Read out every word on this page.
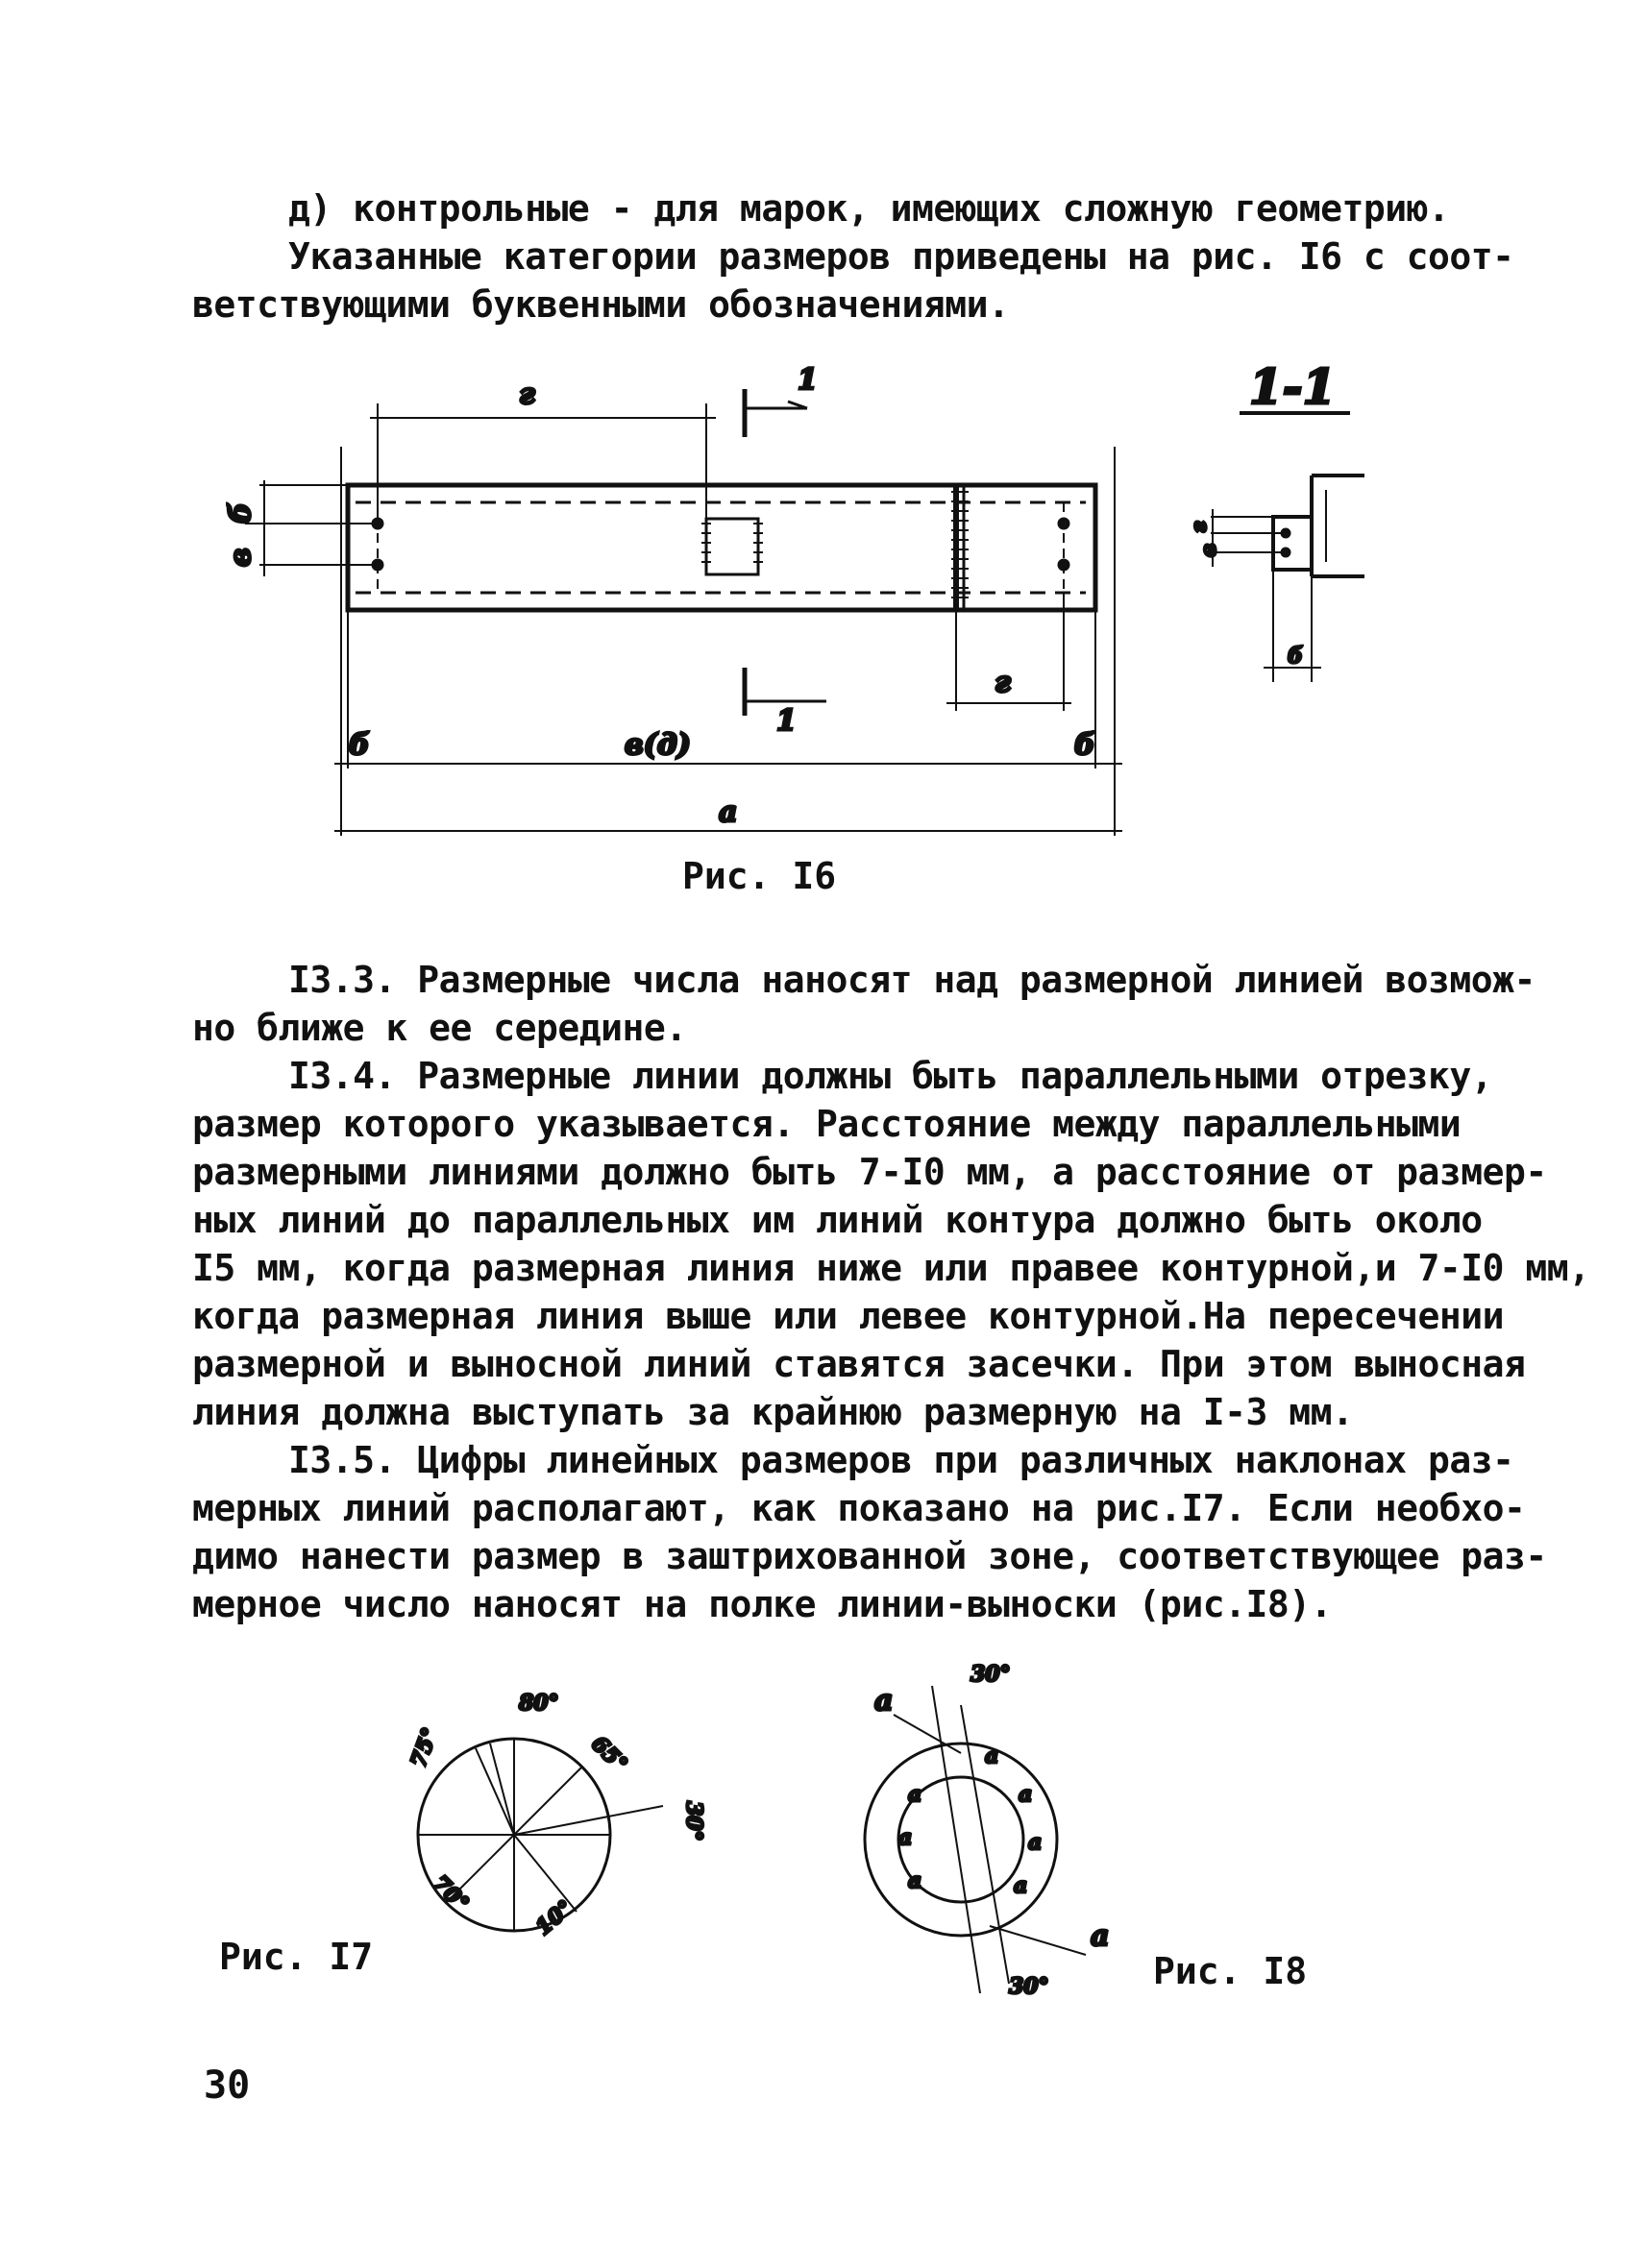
д) контрольные - для марок, имеющих сложную геометрию.
Указанные категории размеров приведены на рис. I6 с соот-
ветствующими буквенными обозначениями.
г
г
в
б
б	б
в(д)
а
1
1
1-1
в
г
б
Рис. I6
I3.3. Размерные числа наносят над размерной линией возмож-
но ближе к ее середине.
I3.4. Размерные линии должны быть параллельными отрезку,
размер которого указывается. Расстояние между параллельными
размерными линиями должно быть 7-I0 мм, а расстояние от размер-
ных линий до параллельных им линий контура должно быть около
I5 мм, когда размерная линия ниже или правее контурной,и 7-I0 мм,
когда размерная линия выше или левее контурной.На пересечении
размерной и выносной линий ставятся засечки. При этом выносная
линия должна выступать за крайнюю размерную на I-3 мм.
I3.5. Цифры линейных размеров при различных наклонах раз-
мерных линий располагают, как показано на рис.I7. Если необхо-
димо нанести размер в заштрихованной зоне, соответствующее раз-
мерное число наносят на полке линии-выноски (рис.I8).
80°
75°	65°
30°
10°
70°
Рис. I7
30°
30°
а
а
а
а
а
а
а
а
а
Рис. I8
30
